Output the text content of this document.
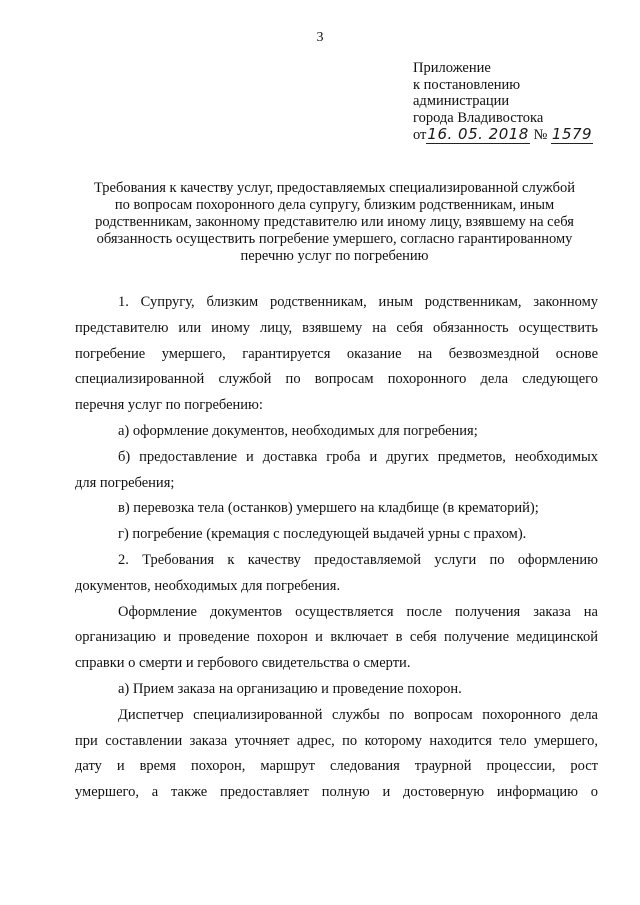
3
Приложение
к постановлению
администрации
города Владивостока
от16. 05. 2018 № 1579
Требования к качеству услуг, предоставляемых специализированной службой
по вопросам похоронного дела супругу, близким родственникам, иным
родственникам, законному представителю или иному лицу, взявшему на себя
обязанность осуществить погребение умершего, согласно гарантированному
перечню услуг по погребению
1. Супругу, близким родственникам, иным родственникам, законному
представителю или иному лицу, взявшему на себя обязанность осуществить
погребение умершего, гарантируется оказание на безвозмездной основе
специализированной службой по вопросам похоронного дела следующего
перечня услуг по погребению:
а) оформление документов, необходимых для погребения;
б) предоставление и доставка гроба и других предметов, необходимых
для погребения;
в) перевозка тела (останков) умершего на кладбище (в крематорий);
г) погребение (кремация с последующей выдачей урны с прахом).
2. Требования к качеству предоставляемой услуги по оформлению
документов, необходимых для погребения.
Оформление документов осуществляется после получения заказа на
организацию и проведение похорон и включает в себя получение медицинской
справки о смерти и гербового свидетельства о смерти.
а) Прием заказа на организацию и проведение похорон.
Диспетчер специализированной службы по вопросам похоронного дела
при составлении заказа уточняет адрес, по которому находится тело умершего,
дату и время похорон, маршрут следования траурной процессии, рост
умершего, а также предоставляет полную и достоверную информацию о
